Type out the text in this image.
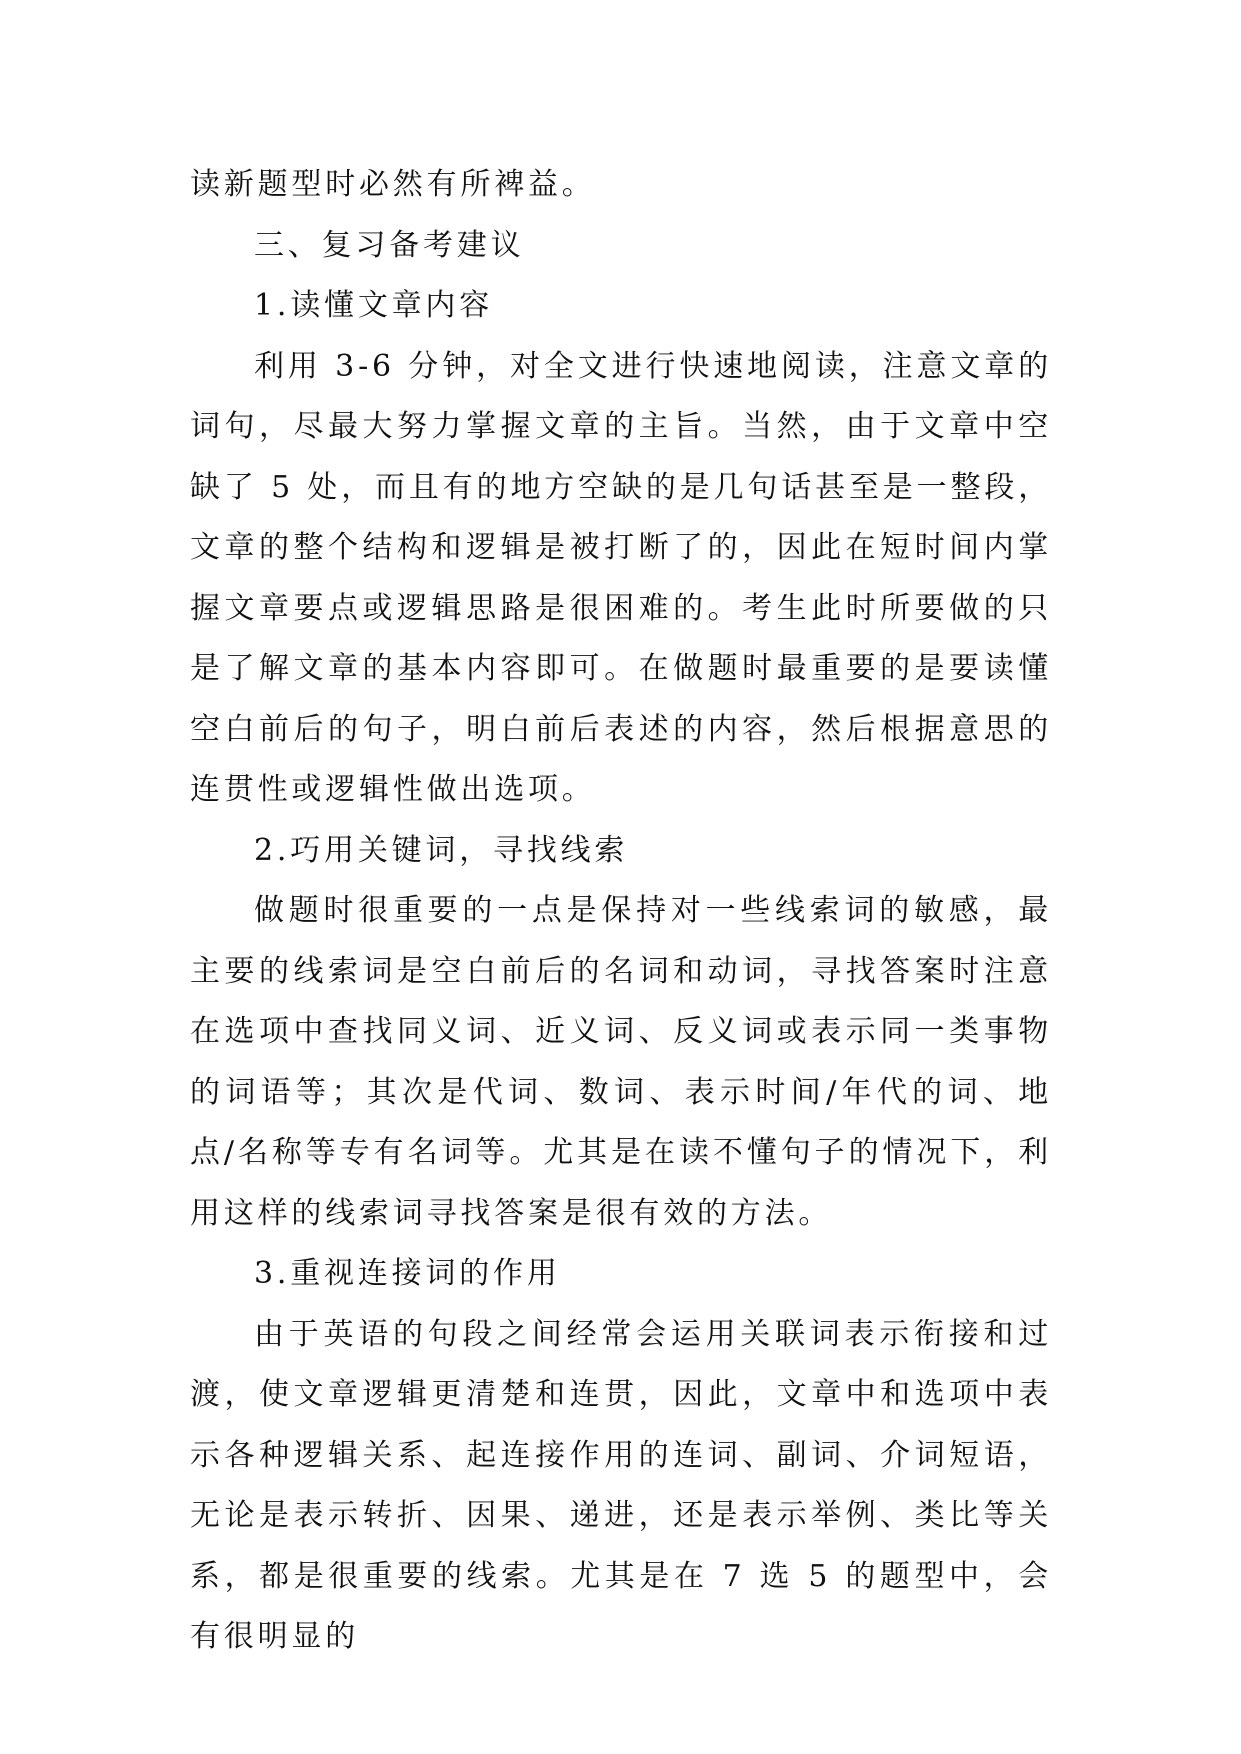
读新题型时必然有所裨益。

三、复习备考建议

1.读懂文章内容

利用 3-6 分钟，对全文进行快速地阅读，注意文章的词句，尽最大努力掌握文章的主旨。当然，由于文章中空缺了 5 处，而且有的地方空缺的是几句话甚至是一整段，文章的整个结构和逻辑是被打断了的，因此在短时间内掌握文章要点或逻辑思路是很困难的。考生此时所要做的只是了解文章的基本内容即可。在做题时最重要的是要读懂空白前后的句子，明白前后表述的内容，然后根据意思的连贯性或逻辑性做出选项。

2.巧用关键词，寻找线索

做题时很重要的一点是保持对一些线索词的敏感，最主要的线索词是空白前后的名词和动词，寻找答案时注意在选项中查找同义词、近义词、反义词或表示同一类事物的词语等；其次是代词、数词、表示时间/年代的词、地点/名称等专有名词等。尤其是在读不懂句子的情况下，利用这样的线索词寻找答案是很有效的方法。

3.重视连接词的作用

由于英语的句段之间经常会运用关联词表示衔接和过渡，使文章逻辑更清楚和连贯，因此，文章中和选项中表示各种逻辑关系、起连接作用的连词、副词、介词短语，无论是表示转折、因果、递进，还是表示举例、类比等关系，都是很重要的线索。尤其是在 7 选 5 的题型中，会有很明显的
